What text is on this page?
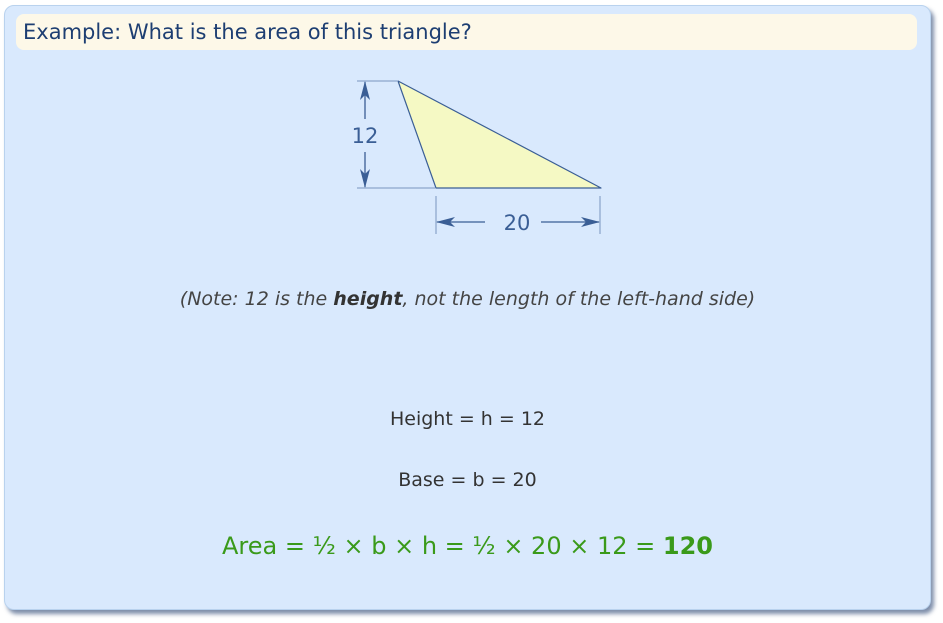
Example: What is the area of this triangle?
12
20
(Note: 12 is the height, not the length of the left-hand side)
Height = h = 12
Base = b = 20
Area = ½ × b × h = ½ × 20 × 12 = 120
